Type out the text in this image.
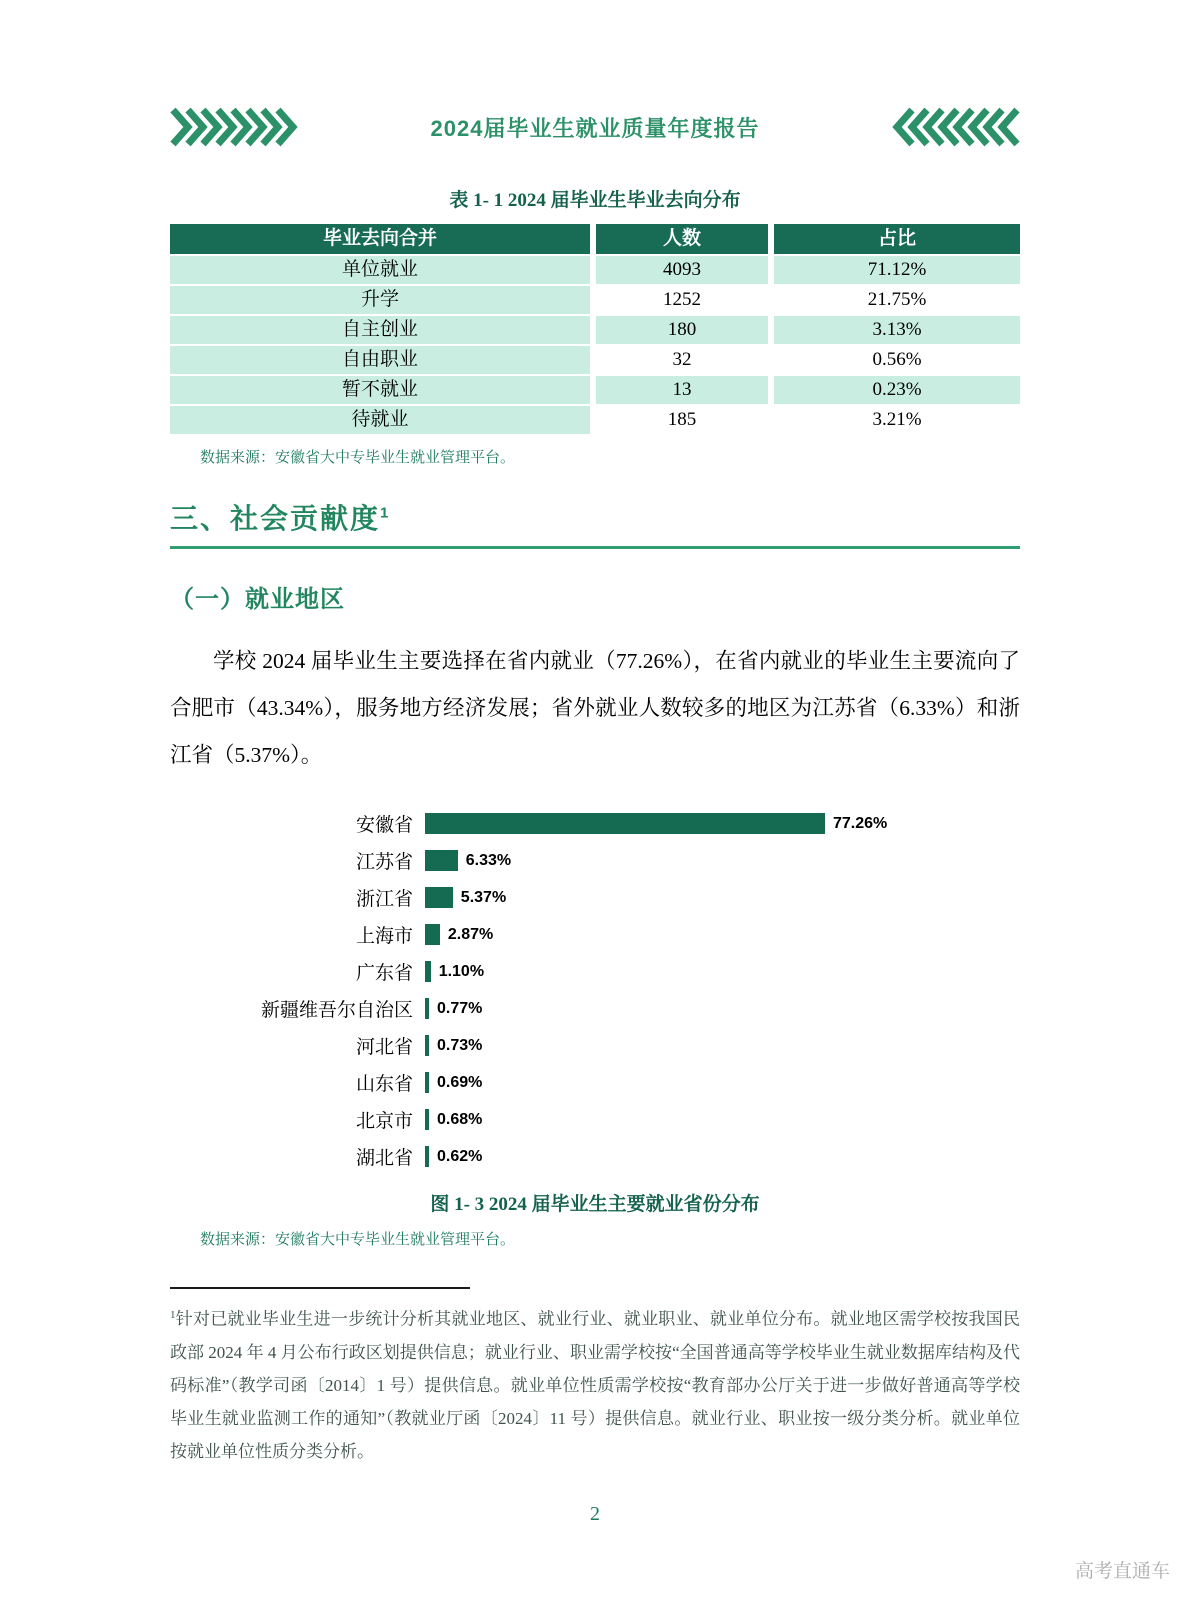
2024届毕业生就业质量年度报告
表 1- 1 2024 届毕业生毕业去向分布
毕业去向合并	人数	占比
单位就业	4093	71.12%
升学	1252	21.75%
自主创业	180	3.13%
自由职业	32	0.56%
暂不就业	13	0.23%
待就业	185	3.21%
数据来源：安徽省大中专毕业生就业管理平台。
三、社会贡献度$^1$
（一）就业地区

学校 2024 届毕业生主要选择在省内就业（77.26%），在省内就业的毕业生主要流向了合肥市（43.34%），服务地方经济发展；省外就业人数较多的地区为江苏省（6.33%）和浙江省（5.37%）。

安徽省	77.26%
江苏省	6.33%
浙江省	5.37%
上海市	2.87%
广东省	1.10%
新疆维吾尔自治区	0.77%
河北省	0.73%
山东省	0.69%
北京市	0.68%
湖北省	0.62%
图 1- 3 2024 届毕业生主要就业省份分布
数据来源：安徽省大中专毕业生就业管理平台。
$^1$针对已就业毕业生进一步统计分析其就业地区、就业行业、就业职业、就业单位分布。就业地区需学校按我国民政部 2024 年 4 月公布行政区划提供信息；就业行业、职业需学校按“全国普通高等学校毕业生就业数据库结构及代码标准”（教学司函〔2014〕1 号）提供信息。就业单位性质需学校按“教育部办公厅关于进一步做好普通高等学校毕业生就业监测工作的通知”（教就业厅函〔2024〕11 号）提供信息。就业行业、职业按一级分类分析。就业单位按就业单位性质分类分析。
2
高考直通车
